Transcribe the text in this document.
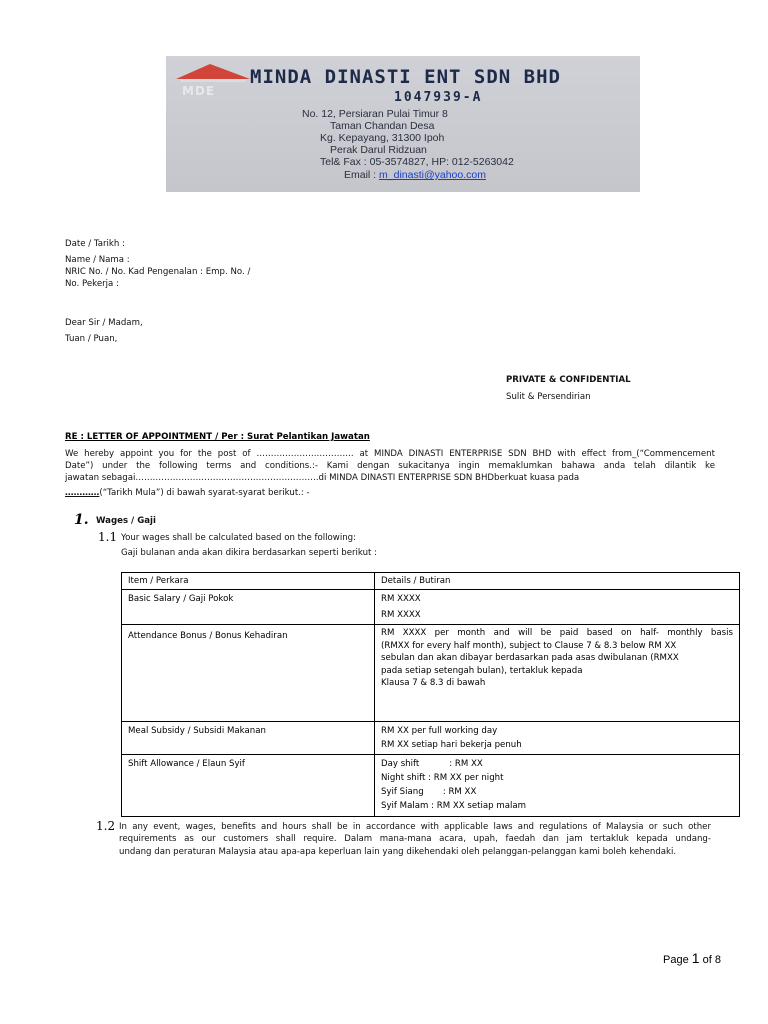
MDE
MINDA DINASTI ENT SDN BHD
1047939-A
No. 12, Persiaran Pulai Timur 8
Taman Chandan Desa
Kg. Kepayang, 31300 Ipoh
Perak Darul Ridzuan
Tel& Fax : 05-3574827, HP: 012-5263042
Email : m_dinasti@yahoo.com
Date / Tarikh :
Name / Nama :
NRIC No. / No. Kad Pengenalan : Emp. No. /
No. Pekerja :
Dear Sir / Madam,
Tuan / Puan,
PRIVATE & CONFIDENTIAL
Sulit & Persendirian
RE : LETTER OF APPOINTMENT / Per : Surat Pelantikan Jawatan
We hereby appoint you for the post of ……………………………. at MINDA DINASTI ENTERPRISE SDN BHD with effect from_(“Commencement
Date”) under the following terms and conditions.:- Kami dengan sukacitanya ingin memaklumkan bahawa anda telah dilantik ke
jawatan sebagai……………………………………………………….di MINDA DINASTI ENTERPRISE SDN BHDberkuat kuasa pada
…………(“Tarikh Mula”) di bawah syarat-syarat berikut.: -
1. Wages / Gaji
1.1 Your wages shall be calculated based on the following:
Gaji bulanan anda akan dikira berdasarkan seperti berikut :
Item / Perkara	Details / Butiran
Basic Salary / Gaji Pokok	RM XXXX
RM XXXX

Attendance Bonus / Bonus Kehadiran	RM XXXX per month and will be paid based on half- monthly basis
(RMXX for every half month), subject to Clause 7 & 8.3 below RM XX
sebulan dan akan dibayar berdasarkan pada asas dwibulanan (RMXX
pada setiap setengah bulan), tertakluk kepada
Klausa 7 & 8.3 di bawah

Meal Subsidy / Subsidi Makanan	RM XX per full working day
RM XX setiap hari bekerja penuh

Shift Allowance / Elaun Syif	Day shift           : RM XX
Night shift : RM XX per night
Syif Siang       : RM XX
Syif Malam : RM XX setiap malam
1.2 In any event, wages, benefits and hours shall be in accordance with applicable laws and regulations of Malaysia or such other
requirements as our customers shall require. Dalam mana-mana acara, upah, faedah dan jam tertakluk kepada undang-
undang dan peraturan Malaysia atau apa-apa keperluan lain yang dikehendaki oleh pelanggan-pelanggan kami boleh kehendaki.
Page 1 of 8
